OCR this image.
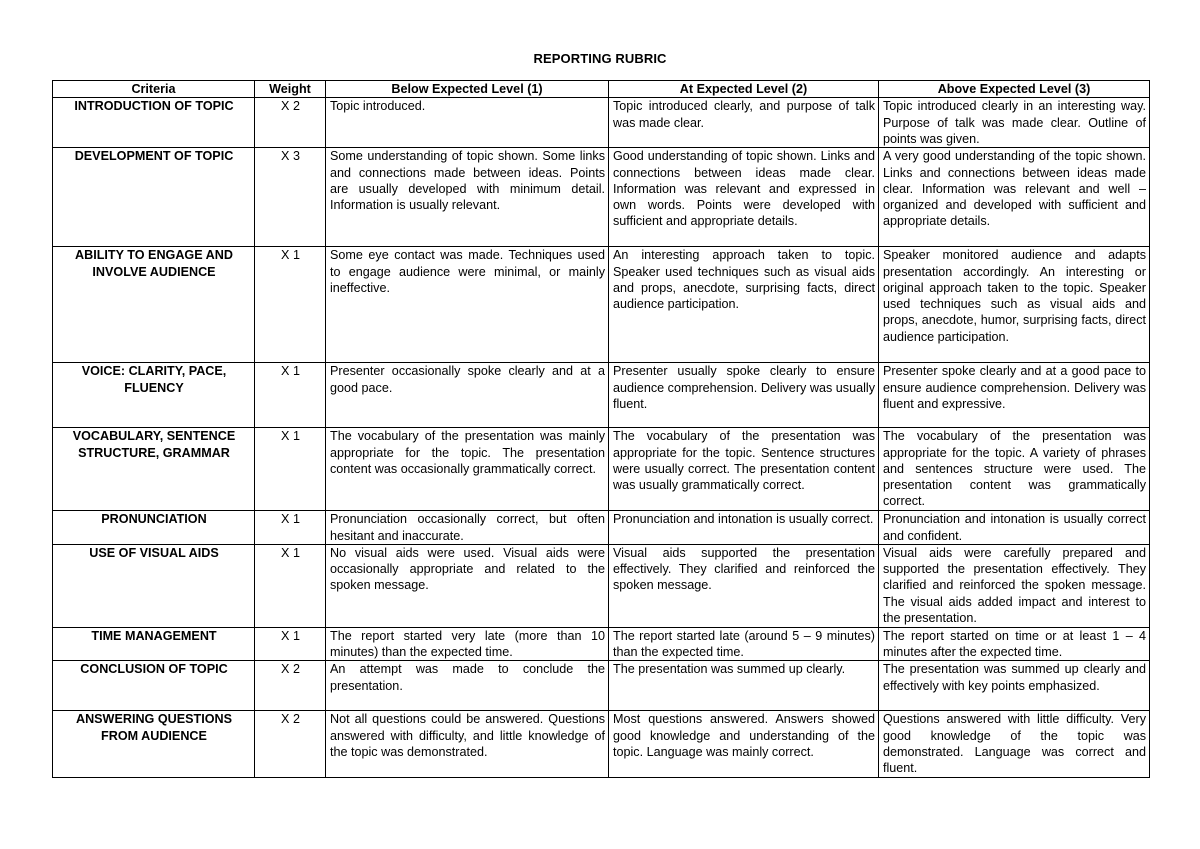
REPORTING RUBRIC
Criteria	Weight	Below Expected Level (1)	At Expected Level (2)	Above Expected Level (3)
INTRODUCTION OF TOPIC	X 2	Topic introduced.	Topic introduced clearly, and purpose of talk was made clear.	Topic introduced clearly in an interesting way. Purpose of talk was made clear. Outline of points was given.
DEVELOPMENT OF TOPIC	X 3	Some understanding of topic shown. Some links and connections made between ideas. Points are usually developed with minimum detail. Information is usually relevant.	Good understanding of topic shown. Links and connections between ideas made clear. Information was relevant and expressed in own words. Points were developed with sufficient and appropriate details.	A very good understanding of the topic shown. Links and connections between ideas made clear. Information was relevant and well – organized and developed with sufficient and appropriate details.
ABILITY TO ENGAGE AND INVOLVE AUDIENCE	X 1	Some eye contact was made. Techniques used to engage audience were minimal, or mainly ineffective.	An interesting approach taken to topic. Speaker used techniques such as visual aids and props, anecdote, surprising facts, direct audience participation.	Speaker monitored audience and adapts presentation accordingly. An interesting or original approach taken to the topic. Speaker used techniques such as visual aids and props, anecdote, humor, surprising facts, direct audience participation.
VOICE: CLARITY, PACE, FLUENCY	X 1	Presenter occasionally spoke clearly and at a good pace.	Presenter usually spoke clearly to ensure audience comprehension. Delivery was usually fluent.	Presenter spoke clearly and at a good pace to ensure audience comprehension. Delivery was fluent and expressive.
VOCABULARY, SENTENCE STRUCTURE, GRAMMAR	X 1	The vocabulary of the presentation was mainly appropriate for the topic. The presentation content was occasionally grammatically correct.	The vocabulary of the presentation was appropriate for the topic. Sentence structures were usually correct. The presentation content was usually grammatically correct.	The vocabulary of the presentation was appropriate for the topic. A variety of phrases and sentences structure were used. The presentation content was grammatically correct.
PRONUNCIATION	X 1	Pronunciation occasionally correct, but often hesitant and inaccurate.	Pronunciation and intonation is usually correct.	Pronunciation and intonation is usually correct and confident.
USE OF VISUAL AIDS	X 1	No visual aids were used. Visual aids were occasionally appropriate and related to the spoken message.	Visual aids supported the presentation effectively. They clarified and reinforced the spoken message.	Visual aids were carefully prepared and supported the presentation effectively. They clarified and reinforced the spoken message. The visual aids added impact and interest to the presentation.
TIME MANAGEMENT	X 1	The report started very late (more than 10 minutes) than the expected time.	The report started late (around 5 – 9 minutes) than the expected time.	The report started on time or at least 1 – 4 minutes after the expected time.
CONCLUSION OF TOPIC	X 2	An attempt was made to conclude the presentation.	The presentation was summed up clearly.	The presentation was summed up clearly and effectively with key points emphasized.
ANSWERING QUESTIONS FROM AUDIENCE	X 2	Not all questions could be answered. Questions answered with difficulty, and little knowledge of the topic was demonstrated.	Most questions answered. Answers showed good knowledge and understanding of the topic. Language was mainly correct.	Questions answered with little difficulty. Very good knowledge of the topic was demonstrated. Language was correct and fluent.
